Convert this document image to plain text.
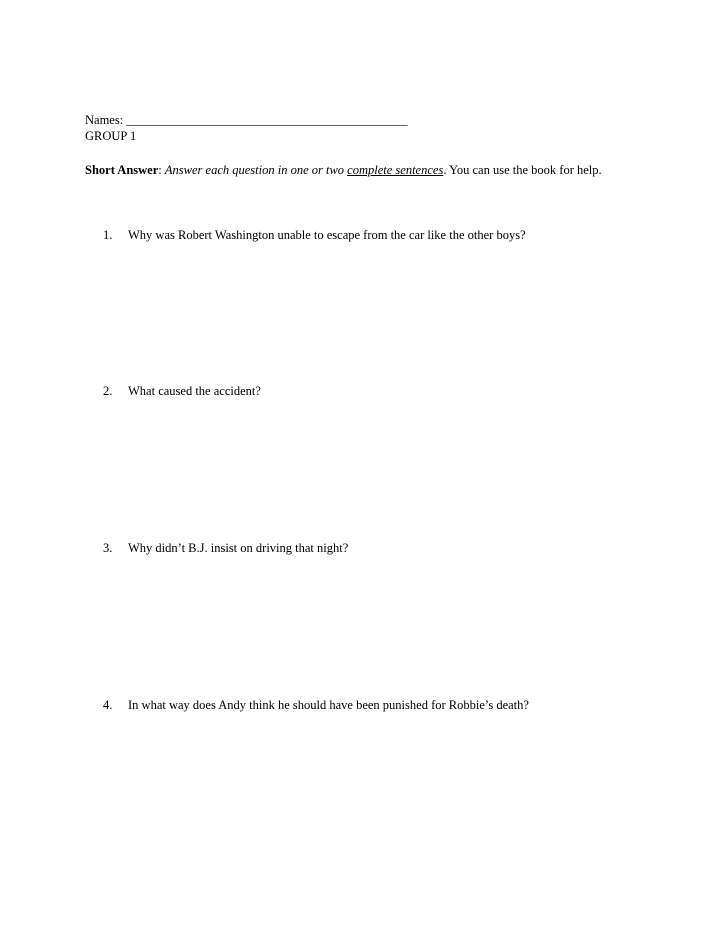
Names: _____________________________________________
GROUP 1
Short Answer: Answer each question in one or two complete sentences. You can use the book for help.
1. Why was Robert Washington unable to escape from the car like the other boys?
2. What caused the accident?
3. Why didn’t B.J. insist on driving that night?
4. In what way does Andy think he should have been punished for Robbie’s death?
